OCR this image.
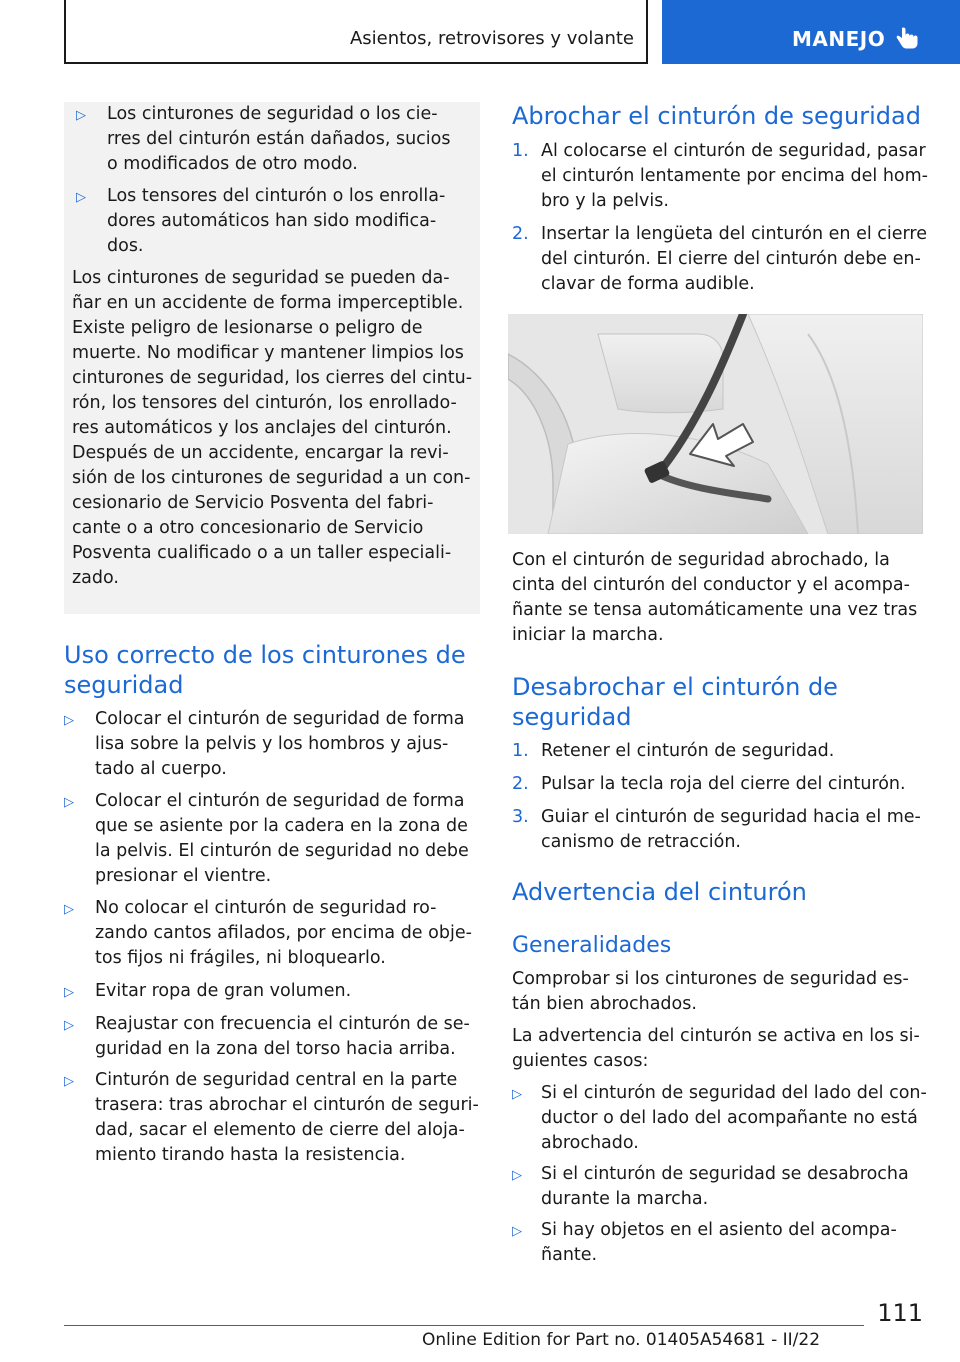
Asientos, retrovisores y volante	MANEJO
▷ Los cinturones de seguridad o los cie-
rres del cinturón están dañados, sucios
o modificados de otro modo.
▷ Los tensores del cinturón o los enrolla-
dores automáticos han sido modifica-
dos.
Los cinturones de seguridad se pueden da-
ñar en un accidente de forma imperceptible.
Existe peligro de lesionarse o peligro de
muerte. No modificar y mantener limpios los
cinturones de seguridad, los cierres del cintu-
rón, los tensores del cinturón, los enrollado-
res automáticos y los anclajes del cinturón.
Después de un accidente, encargar la revi-
sión de los cinturones de seguridad a un con-
cesionario de Servicio Posventa del fabri-
cante o a otro concesionario de Servicio
Posventa cualificado o a un taller especiali-
zado.
Uso correcto de los cinturones de
seguridad
▷ Colocar el cinturón de seguridad de forma
lisa sobre la pelvis y los hombros y ajus-
tado al cuerpo.
▷ Colocar el cinturón de seguridad de forma
que se asiente por la cadera en la zona de
la pelvis. El cinturón de seguridad no debe
presionar el vientre.
▷ No colocar el cinturón de seguridad ro-
zando cantos afilados, por encima de obje-
tos fijos ni frágiles, ni bloquearlo.
▷ Evitar ropa de gran volumen.
▷ Reajustar con frecuencia el cinturón de se-
guridad en la zona del torso hacia arriba.
▷ Cinturón de seguridad central en la parte
trasera: tras abrochar el cinturón de seguri-
dad, sacar el elemento de cierre del aloja-
miento tirando hasta la resistencia.
Abrochar el cinturón de seguridad
1. Al colocarse el cinturón de seguridad, pasar
el cinturón lentamente por encima del hom-
bro y la pelvis.
2. Insertar la lengüeta del cinturón en el cierre
del cinturón. El cierre del cinturón debe en-
clavar de forma audible.
Con el cinturón de seguridad abrochado, la
cinta del cinturón del conductor y el acompa-
ñante se tensa automáticamente una vez tras
iniciar la marcha.
Desabrochar el cinturón de
seguridad
1. Retener el cinturón de seguridad.
2. Pulsar la tecla roja del cierre del cinturón.
3. Guiar el cinturón de seguridad hacia el me-
canismo de retracción.
Advertencia del cinturón
Generalidades
Comprobar si los cinturones de seguridad es-
tán bien abrochados.
La advertencia del cinturón se activa en los si-
guientes casos:
▷ Si el cinturón de seguridad del lado del con-
ductor o del lado del acompañante no está
abrochado.
▷ Si el cinturón de seguridad se desabrocha
durante la marcha.
▷ Si hay objetos en el asiento del acompa-
ñante.
111
Online Edition for Part no. 01405A54681 - II/22
